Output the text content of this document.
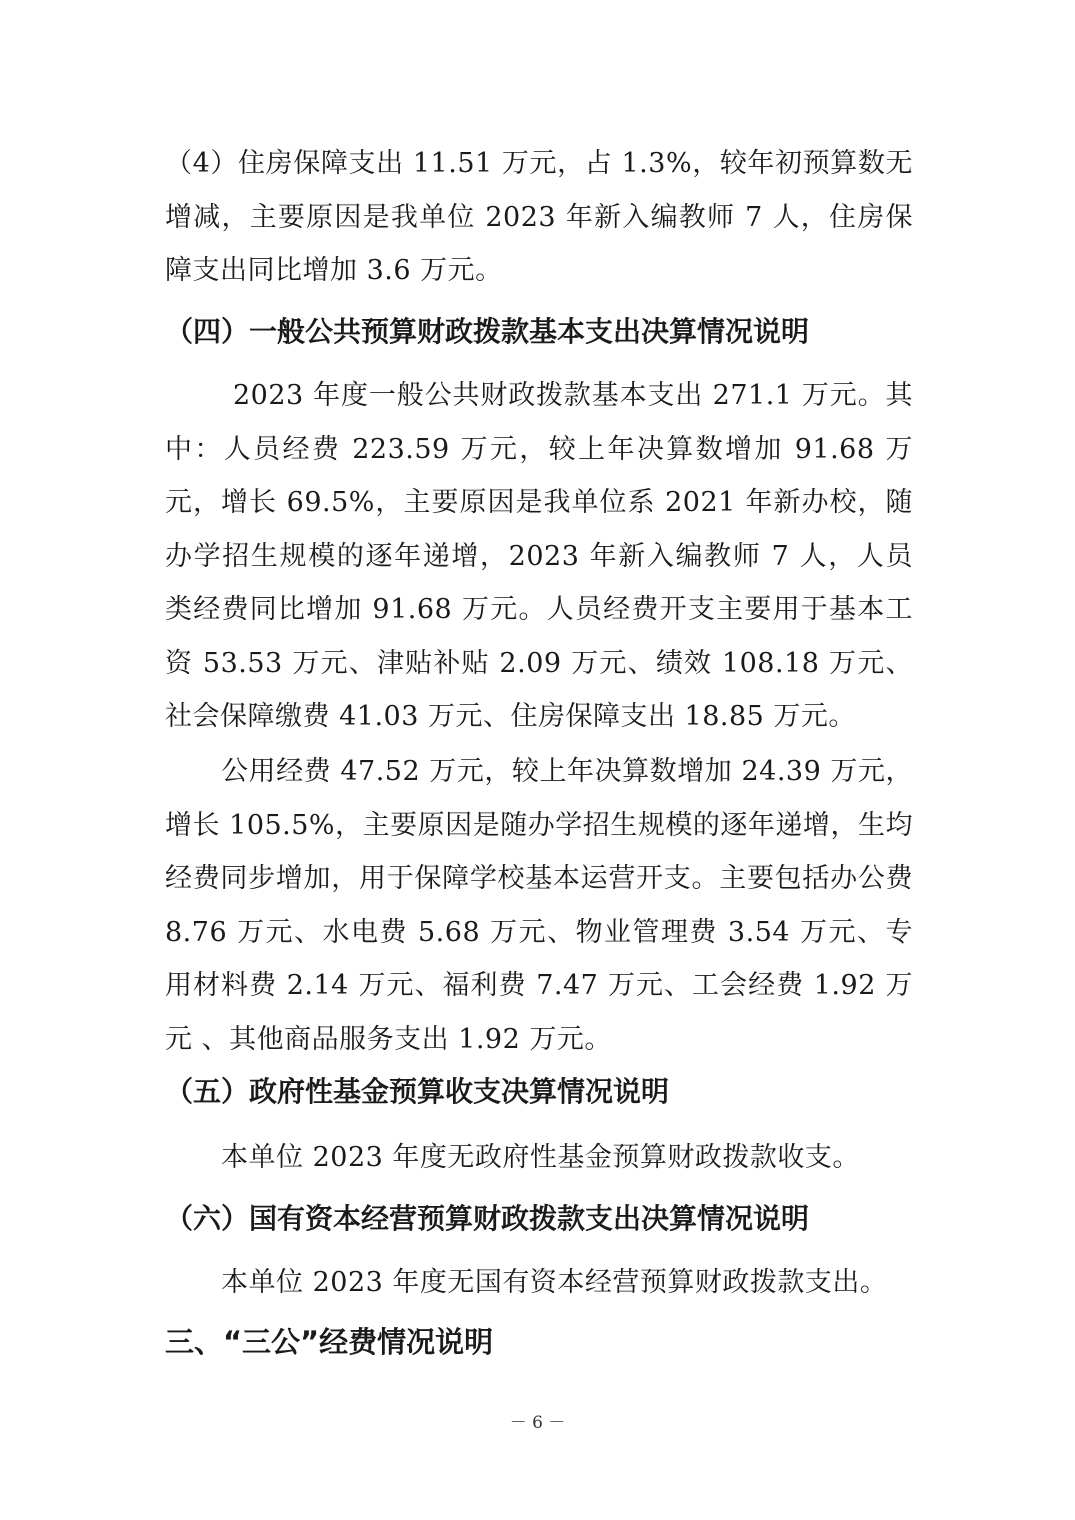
（4）住房保障支出 11.51 万元，占 1.3%，较年初预算数无增减，主要原因是我单位 2023 年新入编教师 7 人，住房保障支出同比增加 3.6 万元。

（四）一般公共预算财政拨款基本支出决算情况说明

2023 年度一般公共财政拨款基本支出 271.1 万元。其中：人员经费 223.59 万元，较上年决算数增加 91.68 万元，增长 69.5%，主要原因是我单位系 2021 年新办校，随办学招生规模的逐年递增，2023 年新入编教师 7 人，人员类经费同比增加 91.68 万元。人员经费开支主要用于基本工资 53.53 万元、津贴补贴 2.09 万元、绩效 108.18 万元、社会保障缴费 41.03 万元、住房保障支出 18.85 万元。

公用经费 47.52 万元，较上年决算数增加 24.39 万元，增长 105.5%，主要原因是随办学招生规模的逐年递增，生均经费同步增加，用于保障学校基本运营开支。主要包括办公费 8.76 万元、水电费 5.68 万元、物业管理费 3.54 万元、专用材料费 2.14 万元、福利费 7.47 万元、工会经费 1.92 万元 、其他商品服务支出 1.92 万元。

（五）政府性基金预算收支决算情况说明

本单位 2023 年度无政府性基金预算财政拨款收支。

（六）国有资本经营预算财政拨款支出决算情况说明

本单位 2023 年度无国有资本经营预算财政拨款支出。

三、“三公”经费情况说明
－ 6 －
